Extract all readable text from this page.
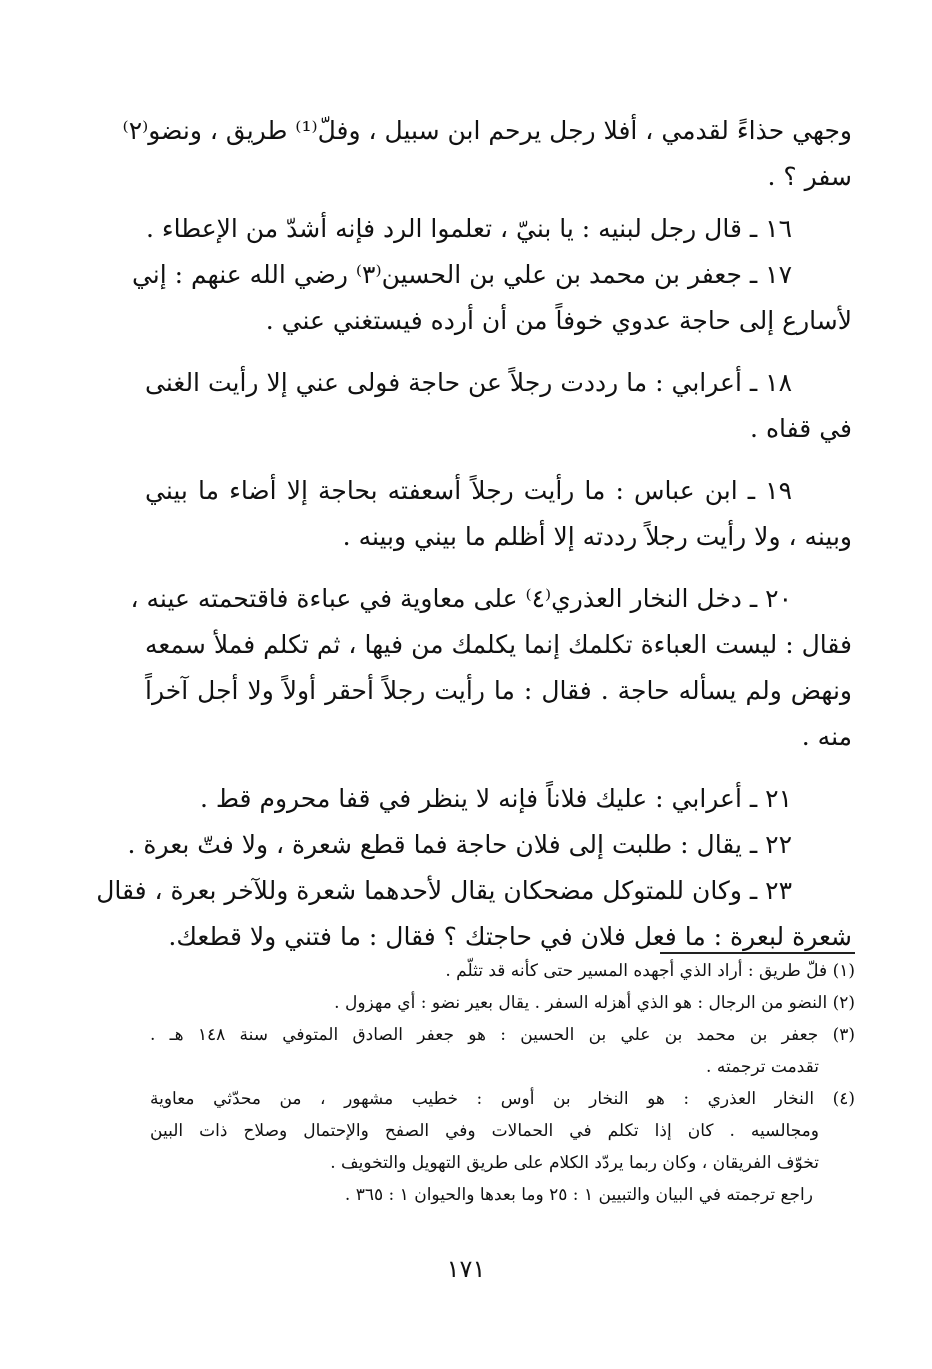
وجهي حذاءً لقدمي ، أفلا رجل يرحم ابن سبيل ، وفلّ⁽¹⁾ طريق ، ونضو⁽٢⁾
سفر ؟ .
١٦ ـ قال رجل لبنيه : يا بنيّ ، تعلموا الرد فإنه أشدّ من الإعطاء .
١٧ ـ جعفر بن محمد بن علي بن الحسين⁽٣⁾ رضي الله عنهم : إني
لأسارع إلى حاجة عدوي خوفاً من أن أرده فيستغني عني .
١٨ ـ أعرابي : ما رددت رجلاً عن حاجة فولى عني إلا رأيت الغنى
في قفاه .
١٩ ـ ابن عباس : ما رأيت رجلاً أسعفته بحاجة إلا أضاء ما بيني
وبينه ، ولا رأيت رجلاً رددته إلا أظلم ما بيني وبينه .
٢٠ ـ دخل النخار العذري⁽٤⁾ على معاوية في عباءة فاقتحمته عينه ،
فقال : ليست العباءة تكلمك إنما يكلمك من فيها ، ثم تكلم فملأ سمعه
ونهض ولم يسأله حاجة . فقال : ما رأيت رجلاً أحقر أولاً ولا أجل آخراً
منه .
٢١ ـ أعرابي : عليك فلاناً فإنه لا ينظر في قفا محروم قط .
٢٢ ـ يقال : طلبت إلى فلان حاجة فما قطع شعرة ، ولا فتّ بعرة .
٢٣ ـ وكان للمتوكل مضحكان يقال لأحدهما شعرة وللآخر بعرة ، فقال
شعرة لبعرة : ما فعل فلان في حاجتك ؟ فقال : ما فتني ولا قطعك.
(١) فلّ طريق : أراد الذي أجهده المسير حتى كأنه قد تثلّم .
(٢) النضو من الرجال : هو الذي أهزله السفر . يقال بعير نضو : أي مهزول .
(٣) جعفر بن محمد بن علي بن الحسين : هو جعفر الصادق المتوفي سنة ١٤٨ هـ .
تقدمت ترجمته .
(٤) النخار العذري : هو النخار بن أوس : خطيب مشهور ، من محدّثي معاوية
ومجالسيه . كان إذا تكلم في الحمالات وفي الصفح والإحتمال وصلاح ذات البين
تخوّف الفريقان ، وكان ربما يردّد الكلام على طريق التهويل والتخويف .
راجع ترجمته في البيان والتبيين ١ : ٢٥ وما بعدها والحيوان ١ : ٣٦٥ .
١٧١
